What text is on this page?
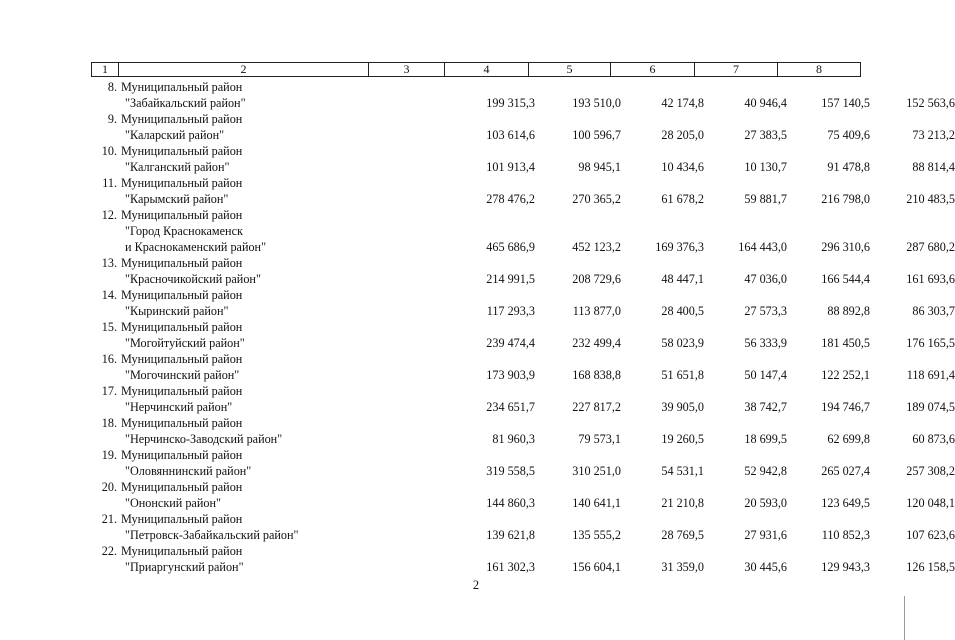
1	2	3	4	5	6	7	8
8. Муниципальный район
"Забайкальский район"	199 315,3	193 510,0	42 174,8	40 946,4	157 140,5	152 563,6
9. Муниципальный район
"Каларский район"	103 614,6	100 596,7	28 205,0	27 383,5	75 409,6	73 213,2
10. Муниципальный район
"Калганский район"	101 913,4	98 945,1	10 434,6	10 130,7	91 478,8	88 814,4
11. Муниципальный район
"Карымский район"	278 476,2	270 365,2	61 678,2	59 881,7	216 798,0	210 483,5
12. Муниципальный район
"Город Краснокаменск
и Краснокаменский район"	465 686,9	452 123,2	169 376,3	164 443,0	296 310,6	287 680,2
13. Муниципальный район
"Красночикойский район"	214 991,5	208 729,6	48 447,1	47 036,0	166 544,4	161 693,6
14. Муниципальный район
"Кыринский район"	117 293,3	113 877,0	28 400,5	27 573,3	88 892,8	86 303,7
15. Муниципальный район
"Могойтуйский район"	239 474,4	232 499,4	58 023,9	56 333,9	181 450,5	176 165,5
16. Муниципальный район
"Могочинский район"	173 903,9	168 838,8	51 651,8	50 147,4	122 252,1	118 691,4
17. Муниципальный район
"Нерчинский район"	234 651,7	227 817,2	39 905,0	38 742,7	194 746,7	189 074,5
18. Муниципальный район
"Нерчинско-Заводский район"	81 960,3	79 573,1	19 260,5	18 699,5	62 699,8	60 873,6
19. Муниципальный район
"Оловяннинский район"	319 558,5	310 251,0	54 531,1	52 942,8	265 027,4	257 308,2
20. Муниципальный район
"Ононский район"	144 860,3	140 641,1	21 210,8	20 593,0	123 649,5	120 048,1
21. Муниципальный район
"Петровск-Забайкальский район"	139 621,8	135 555,2	28 769,5	27 931,6	110 852,3	107 623,6
22. Муниципальный район
"Приаргунский район"	161 302,3	156 604,1	31 359,0	30 445,6	129 943,3	126 158,5
2
